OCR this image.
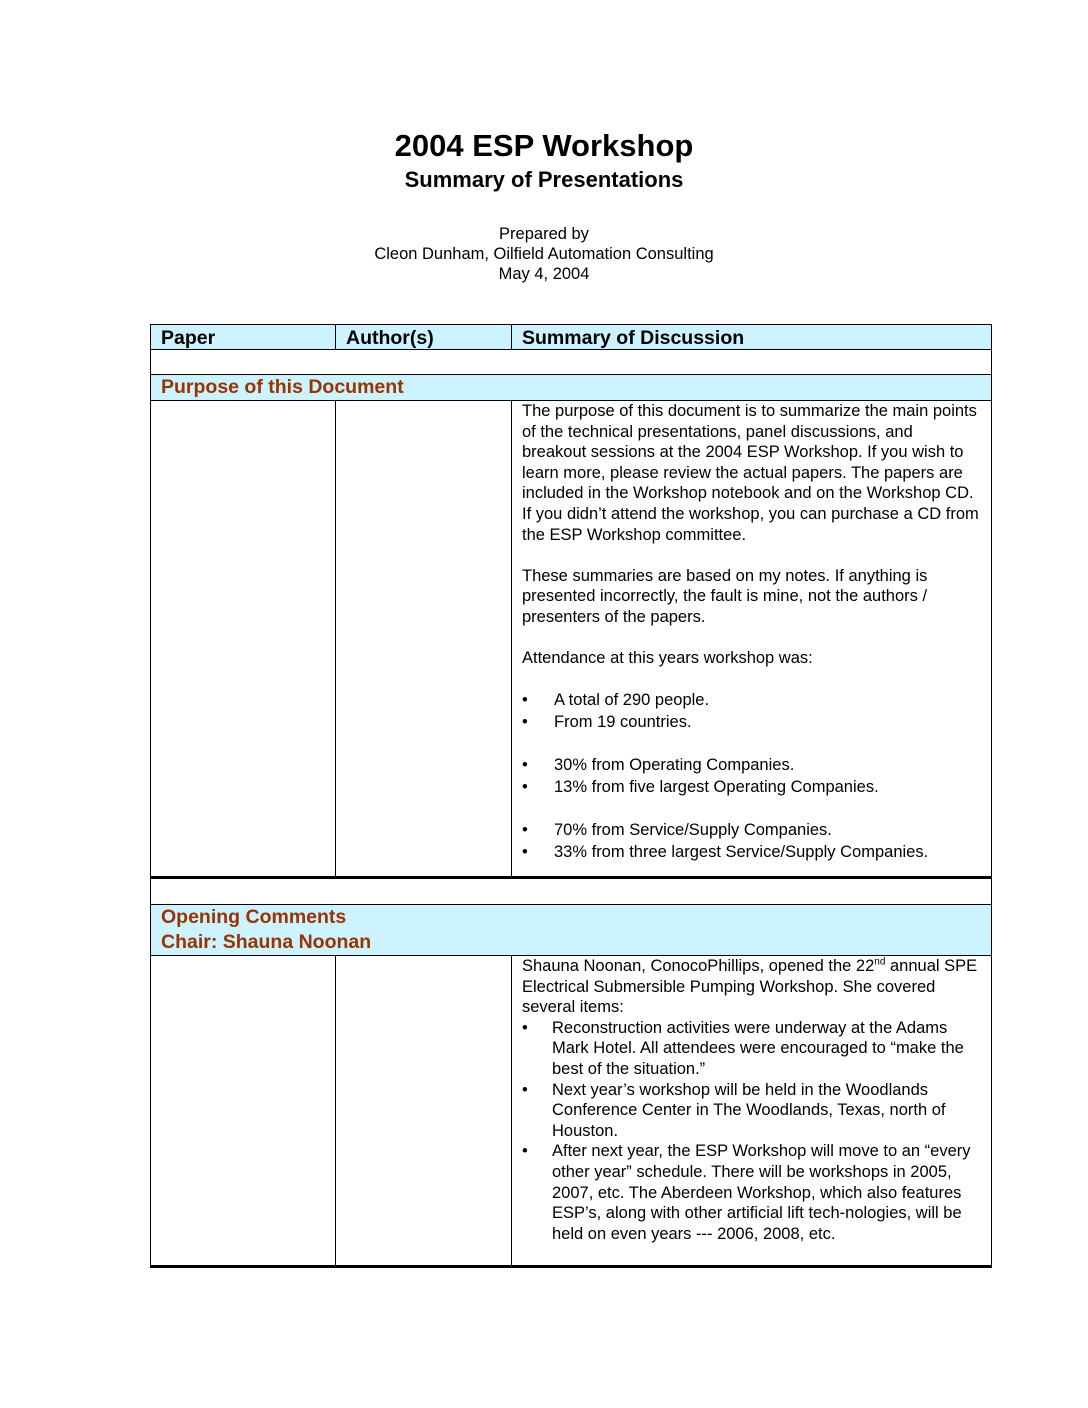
2004 ESP Workshop
Summary of Presentations
Prepared by
Cleon Dunham, Oilfield Automation Consulting
May 4, 2004
Paper	Author(s)	Summary of Discussion
Purpose of this Document

The purpose of this document is to summarize the main points of the technical presentations, panel discussions, and breakout sessions at the 2004 ESP Workshop. If you wish to learn more, please review the actual papers. The papers are included in the Workshop notebook and on the Workshop CD. If you didn’t attend the workshop, you can purchase a CD from the ESP Workshop committee.

These summaries are based on my notes. If anything is presented incorrectly, the fault is mine, not the authors / presenters of the papers.

Attendance at this years workshop was:

• A total of 290 people.
• From 19 countries.
• 30% from Operating Companies.
• 13% from five largest Operating Companies.
• 70% from Service/Supply Companies.
• 33% from three largest Service/Supply Companies.
Opening Comments
Chair: Shauna Noonan

Shauna Noonan, ConocoPhillips, opened the 22nd annual SPE Electrical Submersible Pumping Workshop. She covered several items:

• Reconstruction activities were underway at the Adams Mark Hotel. All attendees were encouraged to “make the best of the situation.”
• Next year’s workshop will be held in the Woodlands Conference Center in The Woodlands, Texas, north of Houston.
• After next year, the ESP Workshop will move to an “every other year” schedule. There will be workshops in 2005, 2007, etc. The Aberdeen Workshop, which also features ESP’s, along with other artificial lift tech-nologies, will be held on even years --- 2006, 2008, etc.
